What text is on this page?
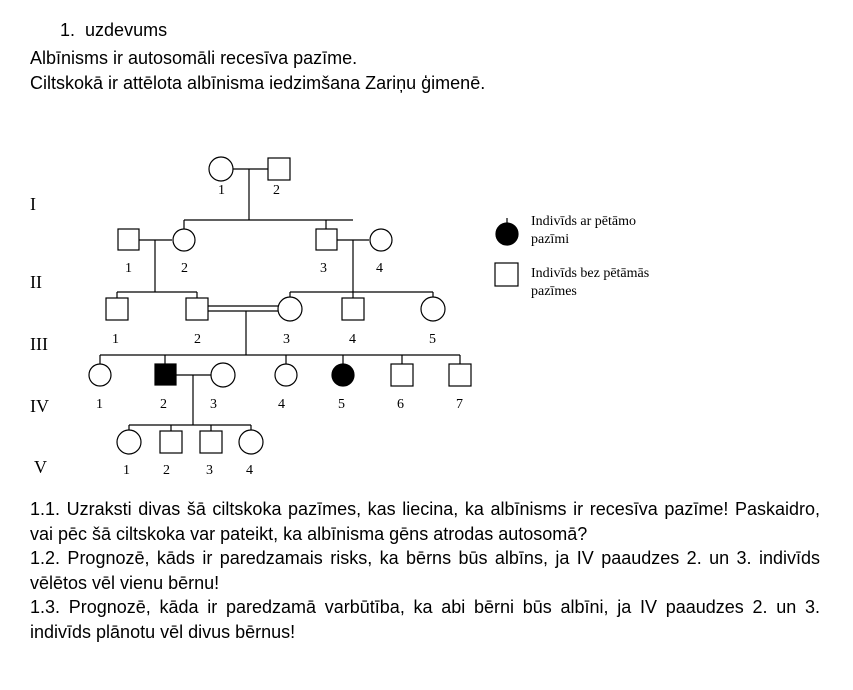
1. uzdevums
Albīnisms ir autosomāli recesīva pazīme.
Ciltskokā ir attēlota albīnisma iedzimšana Zariņu ģimenē.
I
II
III
IV
V
1	2
1	2	3	4
1	2	3	4	5
1	2	3	4	5	6	7
1 2	3 4
Indivīds ar pētāmo
pazīmi
Indivīds bez pētāmās
pazīmes

1.1. Uzraksti divas šā ciltskoka pazīmes, kas liecina, ka albīnisms ir recesīva pazīme! Paskaidro, vai pēc šā ciltskoka var pateikt, ka albīnisma gēns atrodas autosomā?

1.2. Prognozē, kāds ir paredzamais risks, ka bērns būs albīns, ja IV paaudzes 2. un 3. indivīds vēlētos vēl vienu bērnu!

1.3. Prognozē, kāda ir paredzamā varbūtība, ka abi bērni būs albīni, ja IV paaudzes 2. un 3. indivīds plānotu vēl divus bērnus!
